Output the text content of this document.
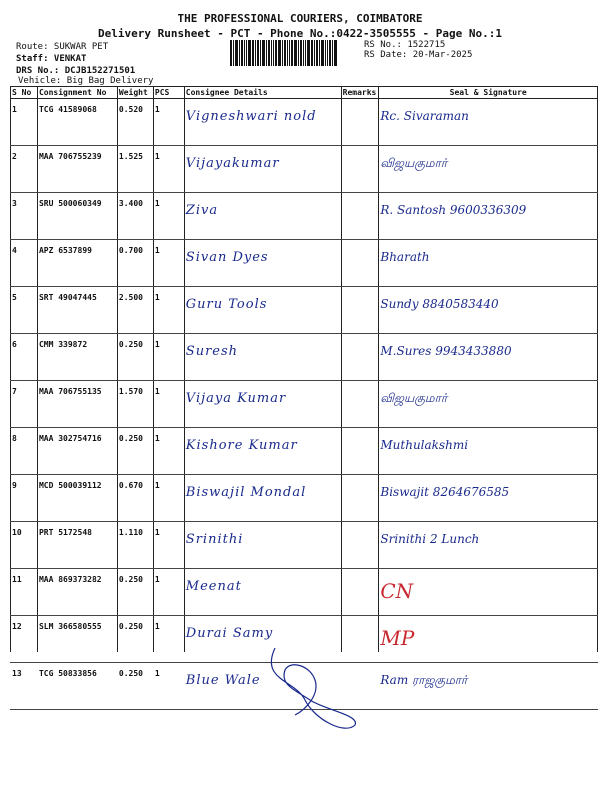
THE PROFESSIONAL COURIERS, COIMBATORE
Delivery Runsheet - PCT - Phone No.:0422-3505555 - Page No.:1
Route: SUKWAR PET
Staff: VENKAT
DRS No.: DCJB152271501
Vehicle: Big Bag Delivery
RS No.: 1522715
RS Date: 20-Mar-2025
S No	Consignment No	Weight	PCS	Consignee Details	Remarks	Seal & Signature
1	TCG 41589068	0.520	1	Vigneshwari nold		Rc. Sivaraman
2	MAA 706755239	1.525	1	Vijayakumar		விஜயகுமார்
3	SRU 500060349	3.400	1	Ziva		R. Santosh 9600336309
4	APZ 6537899	0.700	1	Sivan Dyes		Bharath
5	SRT 49047445	2.500	1	Guru Tools		Sundy 8840583440
6	CMM 339872	0.250	1	Suresh		M.Sures 9943433880
7	MAA 706755135	1.570	1	Vijaya Kumar		விஜயகுமார்
8	MAA 302754716	0.250	1	Kishore Kumar		Muthulakshmi
9	MCD 500039112	0.670	1	Biswajil Mondal		Biswajit 8264676585
10	PRT 5172548	1.110	1	Srinithi		Srinithi 2 Lunch
11	MAA 869373282	0.250	1	Meenat		CN
12	SLM 366580555	0.250	1	Durai Samy		MP
13	TCG 50833856	0.250	1	Blue Wale		Ram ராஜகுமார்
